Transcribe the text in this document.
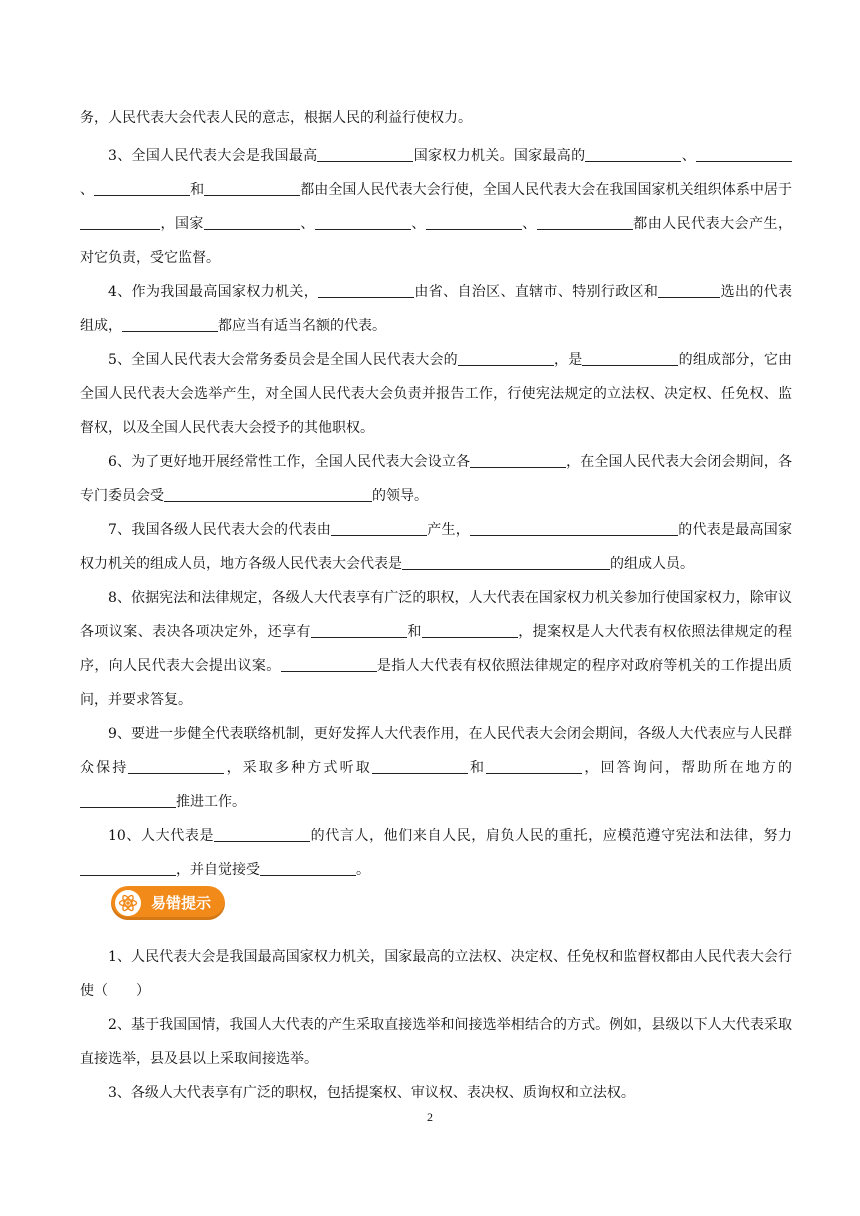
务，人民代表大会代表人民的意志，根据人民的利益行使权力。

3、全国人民代表大会是我国最高	国家权力机关。国家最高的	、、	和	都由全国人民代表大会行使，全国人民代表大会在我国国家机关组织体系中居于，国家	、	、	、	都由人民代表大会产生，对它负责，受它监督。

4、作为我国最高国家权力机关，	由省、自治区、直辖市、特别行政区和	选出的代表组成，	都应当有适当名额的代表。

5、全国人民代表大会常务委员会是全国人民代表大会的	，是	的组成部分，它由全国人民代表大会选举产生，对全国人民代表大会负责并报告工作，行使宪法规定的立法权、决定权、任免权、监督权，以及全国人民代表大会授予的其他职权。

6、为了更好地开展经常性工作，全国人民代表大会设立各	，在全国人民代表大会闭会期间，各专门委员会受	的领导。

7、我国各级人民代表大会的代表由	产生，	的代表是最高国家权力机关的组成人员，地方各级人民代表大会代表是	的组成人员。

8、依据宪法和法律规定，各级人大代表享有广泛的职权，人大代表在国家权力机关参加行使国家权力，除审议各项议案、表决各项决定外，还享有	和	，提案权是人大代表有权依照法律规定的程序，向人民代表大会提出议案。	是指人大代表有权依照法律规定的程序对政府等机关的工作提出质问，并要求答复。

9、要进一步健全代表联络机制，更好发挥人大代表作用，在人民代表大会闭会期间，各级人大代表应与人民群众保持	，采取多种方式听取	和	，回答询问，帮助所在地方的推进工作。

10、人大代表是	的代言人，他们来自人民，肩负人民的重托，应模范遵守宪法和法律，努力，并自觉接受	。

易错提示

1、人民代表大会是我国最高国家权力机关，国家最高的立法权、决定权、任免权和监督权都由人民代表大会行使（　　）

2、基于我国国情，我国人大代表的产生采取直接选举和间接选举相结合的方式。例如，县级以下人大代表采取直接选举，县及县以上采取间接选举。

3、各级人大代表享有广泛的职权，包括提案权、审议权、表决权、质询权和立法权。

2
